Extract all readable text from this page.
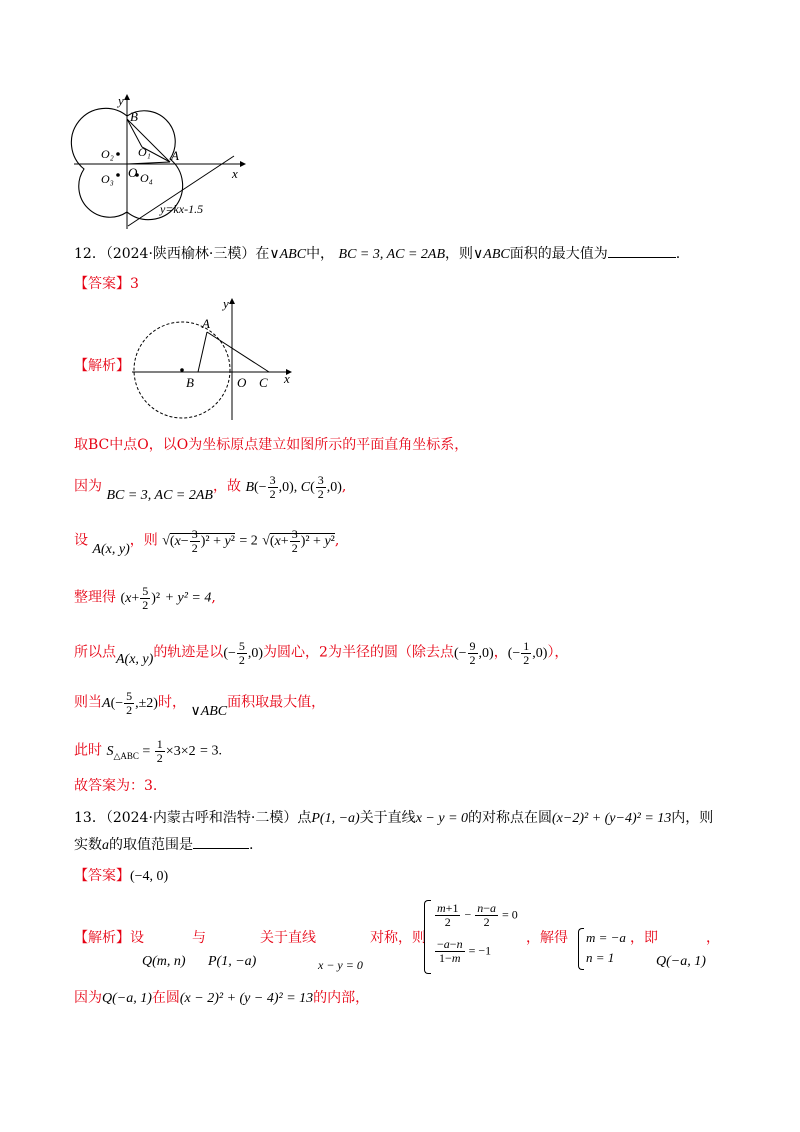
y
x
B
A
O₁
O₂
O₃ O O₄
y=kx-1.5
12．（2024·陕西榆林·三模）在∨ABC中， BC = 3, AC = 2AB，则∨ABC面积的最大值为	.
【答案】3
【解析】
y
A
B	O C x
取BC中点O，以O为坐标原点建立如图所示的平面直角坐标系，
因为 BC = 3, AC = 2AB，故 $B(- \frac{3}{2} ,0)$, $C( \frac{3}{2} ,0)$,
设 A(x, y)，则 $√(x- \frac{3}{2} )^2 + y^2 = 2$ $√(x+ \frac{3}{2} )^2 + y^2$,
整理得 $(x+ \frac{5}{2} )^2 + y^2 = 4$,
所以点A(x, y)的轨迹是以(− $\frac{5}{2} ,0$)为圆心，2为半径的圆（除去点(− $\frac{9}{2} ,0$)，(− $\frac{1}{2} ,0$)），
则当$A(- \frac{5}{2} ,\pm 2)$时， ∨ABC面积取最大值，
此时 $S_{\triangle ABC} = \frac{1}{2} \times 3\times 2 = 3$.
故答案为：3.
13．（2024·内蒙古呼和浩特·二模）点P(1, −a)关于直线x − y = 0的对称点在圆(x−2)² + (y−4)² = 13内，则
实数a的取值范围是	.
【答案】(−4, 0)
【解析】设	与	关于直线	对称，则
Q(m, n) P(1, −a)	x − y = 0
$\frac{m+1}{2} - \frac{n-a}{2} = 0$
$\frac{-a-n}{1-m} = -1$
，解得 m = −a
n = 1
，即	，
Q(−a, 1)
因为Q(−a, 1)在圆(x − 2)² + (y − 4)² = 13的内部，
